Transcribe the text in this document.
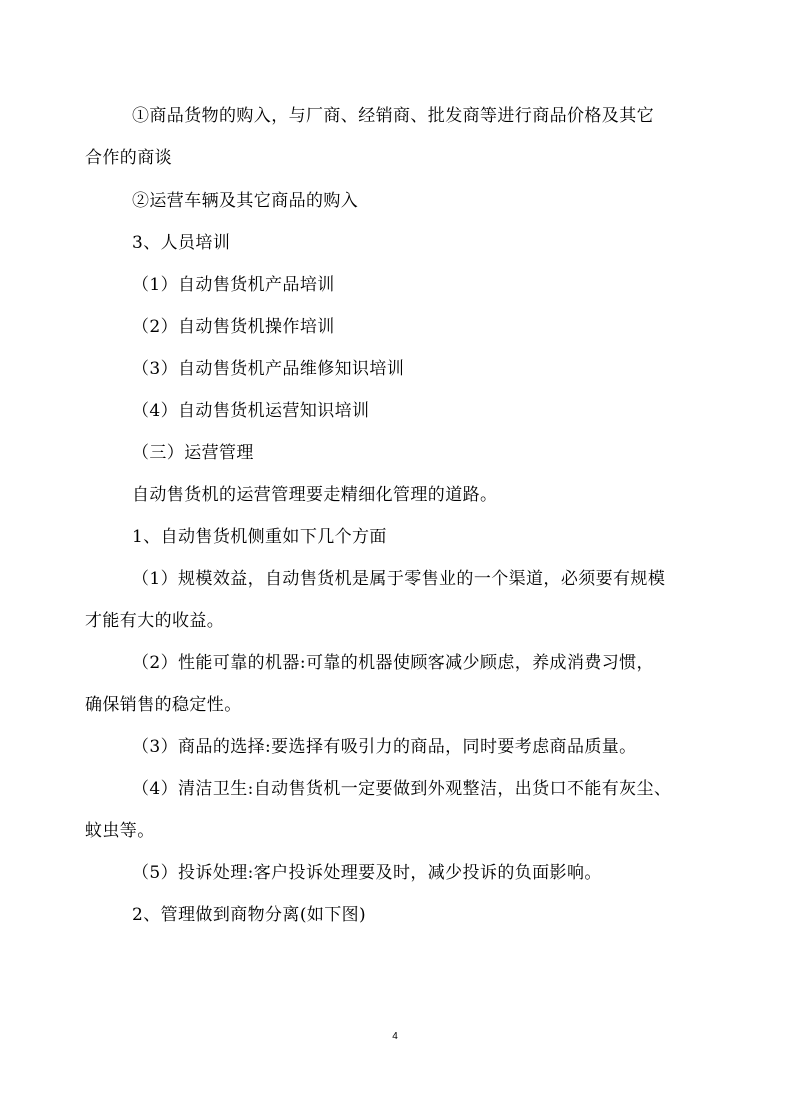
①商品货物的购入，与厂商、经销商、批发商等进行商品价格及其它
合作的商谈
②运营车辆及其它商品的购入
3、人员培训
（1）自动售货机产品培训
（2）自动售货机操作培训
（3）自动售货机产品维修知识培训
（4）自动售货机运营知识培训
（三）运营管理
自动售货机的运营管理要走精细化管理的道路。
1、自动售货机侧重如下几个方面
（1）规模效益，自动售货机是属于零售业的一个渠道，必须要有规模
才能有大的收益。
（2）性能可靠的机器:可靠的机器使顾客减少顾虑，养成消费习惯，
确保销售的稳定性。
（3）商品的选择:要选择有吸引力的商品，同时要考虑商品质量。
（4）清洁卫生:自动售货机一定要做到外观整洁，出货口不能有灰尘、
蚊虫等。
（5）投诉处理:客户投诉处理要及时，减少投诉的负面影响。
2、管理做到商物分离(如下图)
4
